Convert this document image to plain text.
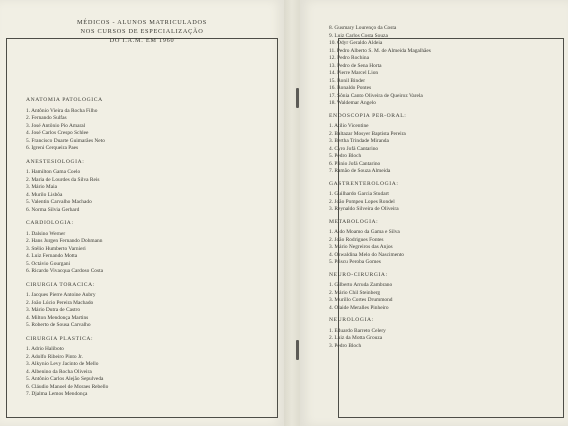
MÉDICOS - ALUNOS MATRICULADOS
NOS CURSOS DE ESPECIALIZAÇÃO
DO I.A.M. EM 1960
ANATOMIA PATOLOGICA
1. Antônio Vieira da Rocha Filho
2. Fernando Sulfas
3. José Antônio Pio Amaral
4. José Carlos Crespo Schlee
5. Francisco Duarte Guimarães Neto
6. Igreni Cerqueira Paes
ANESTESIOLOGIA:
1. Hamilton Gama Coelo
2. Maria de Lourdes da Silva Reis
3. Mário Maia
4. Murilo Lisbôa
5. Valentin Carvalho Machado
6. Norma Silvia Gerhard
CARDIOLOGIA:
1. Dalsino Werner
2. Hans Jurgen Fernando Dohmann
3. Stélio Humberto Varnieri
4. Luiz Fernando Motta
5. Octávio Gourgani
6. Ricardo Vivacqua Cardoso Costa
CIRURGIA TORACICA:
1. Jacques Pierre Antoine Aubry
2. João Lúcio Pereira Machado
3. Mário Dutra de Castro
4. Milton Mendonça Martins
5. Roberto de Sousa Carvalho
CIRURGIA PLASTICA:
1. Adrio Haliboto
2. Adolfo Ribeiro Pinto Jr.
3. Alkynio Levy Jacinto de Mello
4. Albenino da Rocha Oliveira
5. Antônio Carlos Alejão Sepulveda
6. Cláudio Manoel de Moraes Rebello
7. Djalma Lemos Mendonça
8. Gusmary Lourenço da Costa
9. Luiz Carlos Costa Souza
10. Odyr Geraldo Aldeia
11. Pedro Alberto S. M. de Almeida Magalhães
12. Pedro Rochina
13. Pedro de Sena Horta
14. Pierre Marcel Lion
15. Ronil Binder
16. Ronaldo Pontes
17. Sônia Canto Oliveira de Queiroz Varela
18. Waldemar Angelo
ENDOSCOPIA PER-ORAL:
1. Atilio Vicentine
2. Baltazar Mosyer Baptista Pereira
3. Bertha Trindade Miranda
4. Cyro Jofá Cantarino
5. Pedro Bloch
6. Plinio Jofá Cantarino
7. Ramão de Souza Almeida
GASTRENTEROLOGIA:
1. Guilhardo Garcia Studart
2. João Pompeu Lopes Rondel
3. Reynaldo Silveira de Oliveira
METABOLOGIA:
1. Aldo Moamo da Gama e Silva
2. João Rodrigues Fontes
3. Mário Negreiros das Anjos
4. Oswaldina Melo do Nascimento
5. Priscu Peroba Gomes
NEURO-CIRURGIA:
1. Gilberto Arruda Zambrano
2. Mário Chil Steinberg
3. Murillo Cortes Drummond
4. Olaide Meralles Pinheiro
NEUROLOGIA:
1. Eduardo Barreto Celery
2. Luiz da Motta Grouza
3. Pedro Bloch
